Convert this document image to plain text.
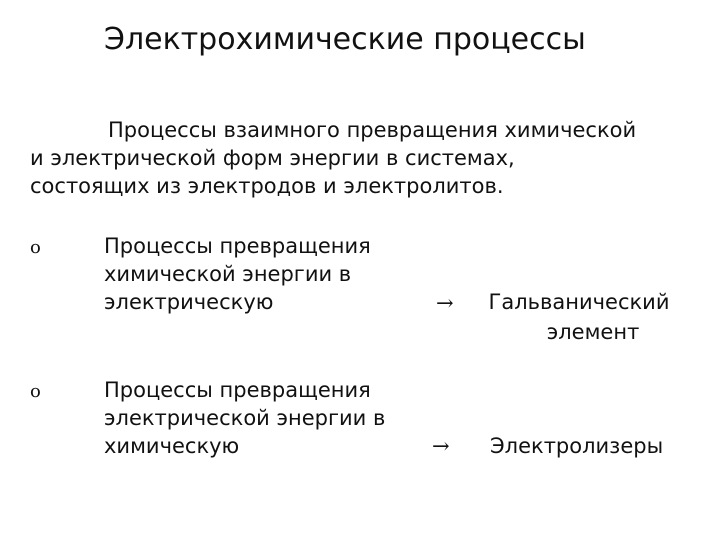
Электрохимические процессы
Процессы взаимного превращения химической
и электрической форм энергии в системах,
состоящих из электродов и электролитов.
o	Процессы превращения
химической энергии в
электрическую	→	Гальванический
элемент
o	Процессы превращения
электрической энергии в
химическую	→ Электролизеры
